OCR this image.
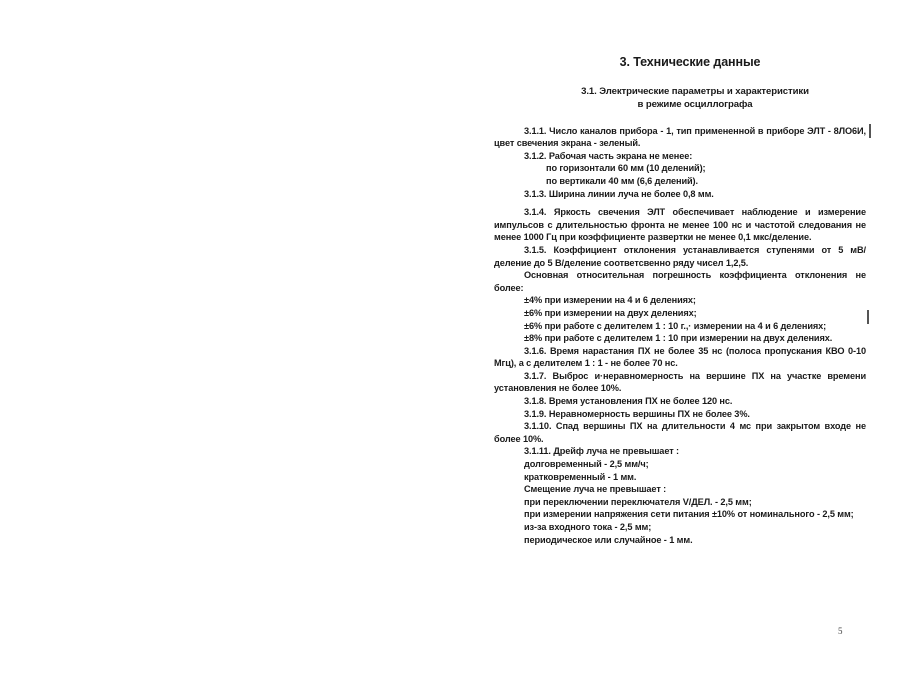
3. Технические данные
3.1. Электрические параметры и характеристики
в режиме осциллографа

3.1.1. Число каналов прибора - 1, тип примененной в приборе ЭЛТ - 8ЛО6И, цвет свечения экрана - зеленый.

3.1.2. Рабочая часть экрана не менее:

по горизонтали 60 мм (10 делений);

по вертикали 40 мм (6,6 делений).

3.1.3. Ширина линии луча не более 0,8 мм.

3.1.4. Яркость свечения ЭЛТ обеспечивает наблюдение и измерение импульсов с длительностью фронта не менее 100 нс и частотой следования не менее 1000 Гц при коэффициенте развертки не менее 0,1 мкс/деление.

3.1.5. Коэффициент отклонения устанавливается ступенями от 5 мВ/деление до 5 В/деление соответсвенно ряду чисел 1,2,5.

Основная относительная погрешность коэффициента отклонения не более:

±4% при измерении на 4 и 6 делениях;

±6% при измерении на двух делениях;

±6% при работе с делителем 1 : 10 г.,· измерении на 4 и 6 делениях;

±8% при работе с делителем 1 : 10 при измерении на двух делениях.

3.1.6. Время нарастания ПХ не более 35 нс (полоса пропускания КВО 0-10 Мгц), а с делителем 1 : 1 - не более 70 нс.

3.1.7. Выброс и·неравномерность на вершине ПХ на участке времени установления не более 10%.

3.1.8. Время установления ПХ не более 120 нс.

3.1.9. Неравномерность вершины ПХ не более 3%.

3.1.10. Спад вершины ПХ на длительности 4 мс при закрытом входе не более 10%.

3.1.11. Дрейф луча не превышает :

долговременный - 2,5 мм/ч;

кратковременный - 1 мм.

Смещение луча не превышает :

при переключении переключателя V/ДЕЛ. - 2,5 мм;

при измерении напряжения сети питания ±10% от номинального - 2,5 мм;

из-за входного тока - 2,5 мм;

периодическое или случайное - 1 мм.

5
